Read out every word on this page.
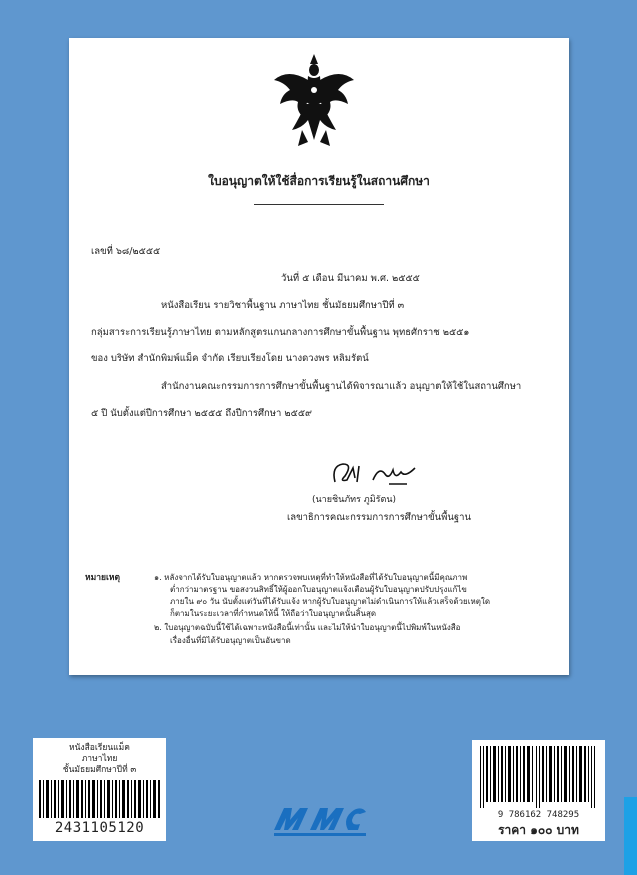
ใบอนุญาตให้ใช้สื่อการเรียนรู้ในสถานศึกษา
เลขที่ ๖๘/๒๕๕๕
วันที่ ๕ เดือน มีนาคม พ.ศ. ๒๕๕๕
หนังสือเรียน รายวิชาพื้นฐาน ภาษาไทย ชั้นมัธยมศึกษาปีที่ ๓
กลุ่มสาระการเรียนรู้ภาษาไทย ตามหลักสูตรแกนกลางการศึกษาขั้นพื้นฐาน พุทธศักราช ๒๕๕๑
ของ บริษัท สำนักพิมพ์แม็ค จำกัด เรียบเรียงโดย นางดวงพร หลิมรัตน์
สำนักงานคณะกรรมการการศึกษาขั้นพื้นฐานได้พิจารณาแล้ว อนุญาตให้ใช้ในสถานศึกษา
๕ ปี นับตั้งแต่ปีการศึกษา ๒๕๕๕ ถึงปีการศึกษา ๒๕๕๙
(นายชินภัทร ภูมิรัตน)
เลขาธิการคณะกรรมการการศึกษาขั้นพื้นฐาน
หมายเหตุ	๑. หลังจากได้รับใบอนุญาตแล้ว หากตรวจพบเหตุที่ทำให้หนังสือที่ได้รับใบอนุญาตนี้มีคุณภาพ
ต่ำกว่ามาตรฐาน ขอสงวนสิทธิ์ให้ผู้ออกใบอนุญาตแจ้งเตือนผู้รับใบอนุญาตปรับปรุงแก้ไข
ภายใน ๙๐ วัน นับตั้งแต่วันที่ได้รับแจ้ง หากผู้รับใบอนุญาตไม่ดำเนินการให้แล้วเสร็จด้วยเหตุใด
ก็ตามในระยะเวลาที่กำหนดให้นี้ ให้ถือว่าใบอนุญาตนั้นสิ้นสุด
๒. ใบอนุญาตฉบับนี้ใช้ได้เฉพาะหนังสือนี้เท่านั้น และไม่ให้นำใบอนุญาตนี้ไปพิมพ์ในหนังสือ
เรื่องอื่นที่มิได้รับอนุญาตเป็นอันขาด
หนังสือเรียนแม็ค
ภาษาไทย
ชั้นมัธยมศึกษาปีที่ ๓
2431105120
9 786162 748295
ราคา ๑๐๐ บาท
